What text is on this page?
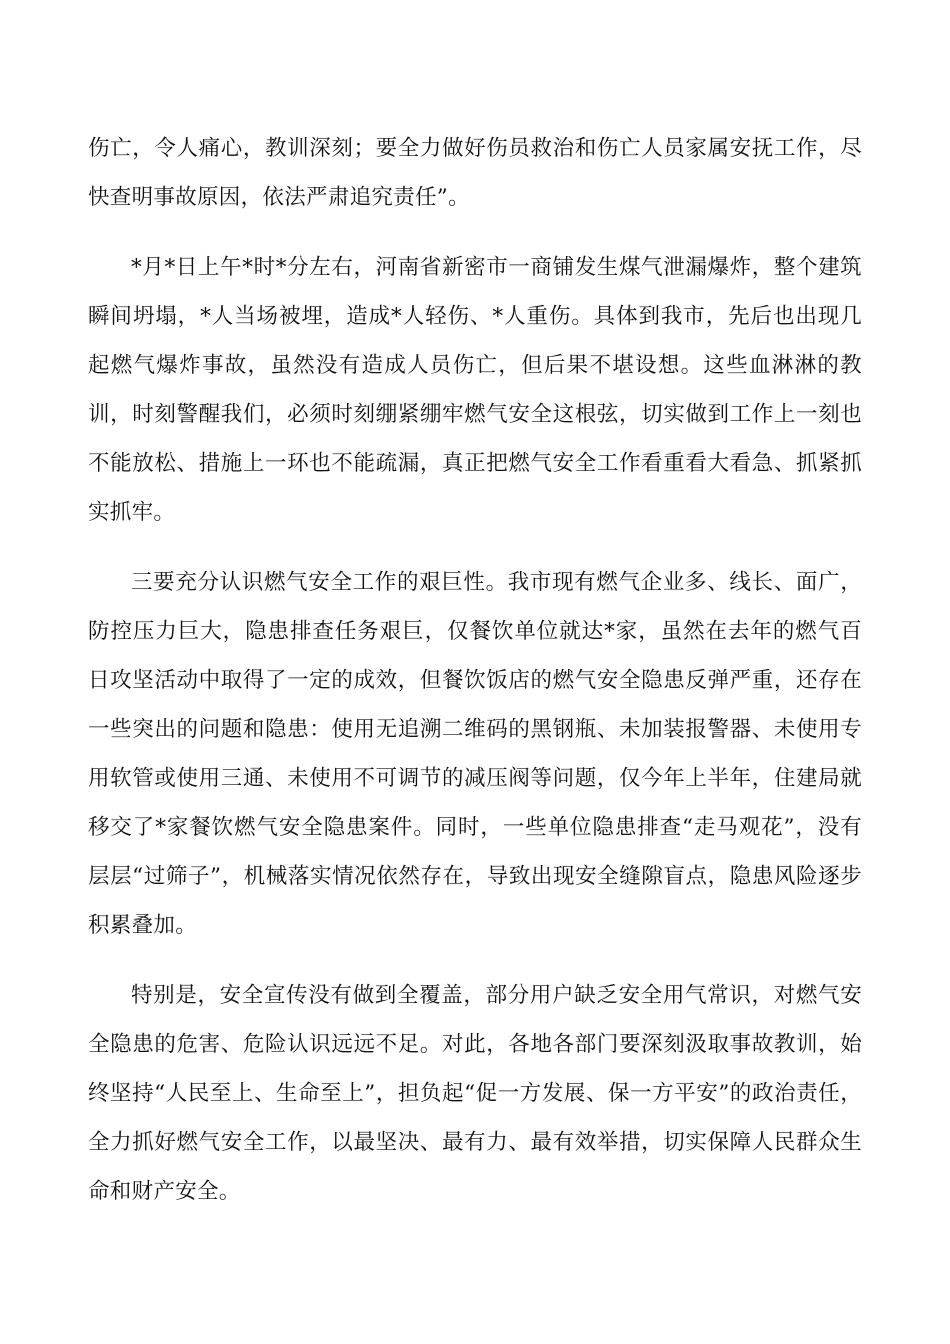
伤亡，令人痛心，教训深刻；要全力做好伤员救治和伤亡人员家属安抚工作，尽快查明事故原因，依法严肃追究责任”。

*月*日上午*时*分左右，河南省新密市一商铺发生煤气泄漏爆炸，整个建筑瞬间坍塌，*人当场被埋，造成*人轻伤、*人重伤。具体到我市，先后也出现几起燃气爆炸事故，虽然没有造成人员伤亡，但后果不堪设想。这些血淋淋的教训，时刻警醒我们，必须时刻绷紧绷牢燃气安全这根弦，切实做到工作上一刻也不能放松、措施上一环也不能疏漏，真正把燃气安全工作看重看大看急、抓紧抓实抓牢。

三要充分认识燃气安全工作的艰巨性。我市现有燃气企业多、线长、面广，防控压力巨大，隐患排查任务艰巨，仅餐饮单位就达*家，虽然在去年的燃气百日攻坚活动中取得了一定的成效，但餐饮饭店的燃气安全隐患反弹严重，还存在一些突出的问题和隐患：使用无追溯二维码的黑钢瓶、未加装报警器、未使用专用软管或使用三通、未使用不可调节的减压阀等问题，仅今年上半年，住建局就移交了*家餐饮燃气安全隐患案件。同时，一些单位隐患排查“走马观花”，没有层层“过筛子”，机械落实情况依然存在，导致出现安全缝隙盲点，隐患风险逐步积累叠加。

特别是，安全宣传没有做到全覆盖，部分用户缺乏安全用气常识，对燃气安全隐患的危害、危险认识远远不足。对此，各地各部门要深刻汲取事故教训，始终坚持“人民至上、生命至上”，担负起“促一方发展、保一方平安”的政治责任，全力抓好燃气安全工作，以最坚决、最有力、最有效举措，切实保障人民群众生命和财产安全。
